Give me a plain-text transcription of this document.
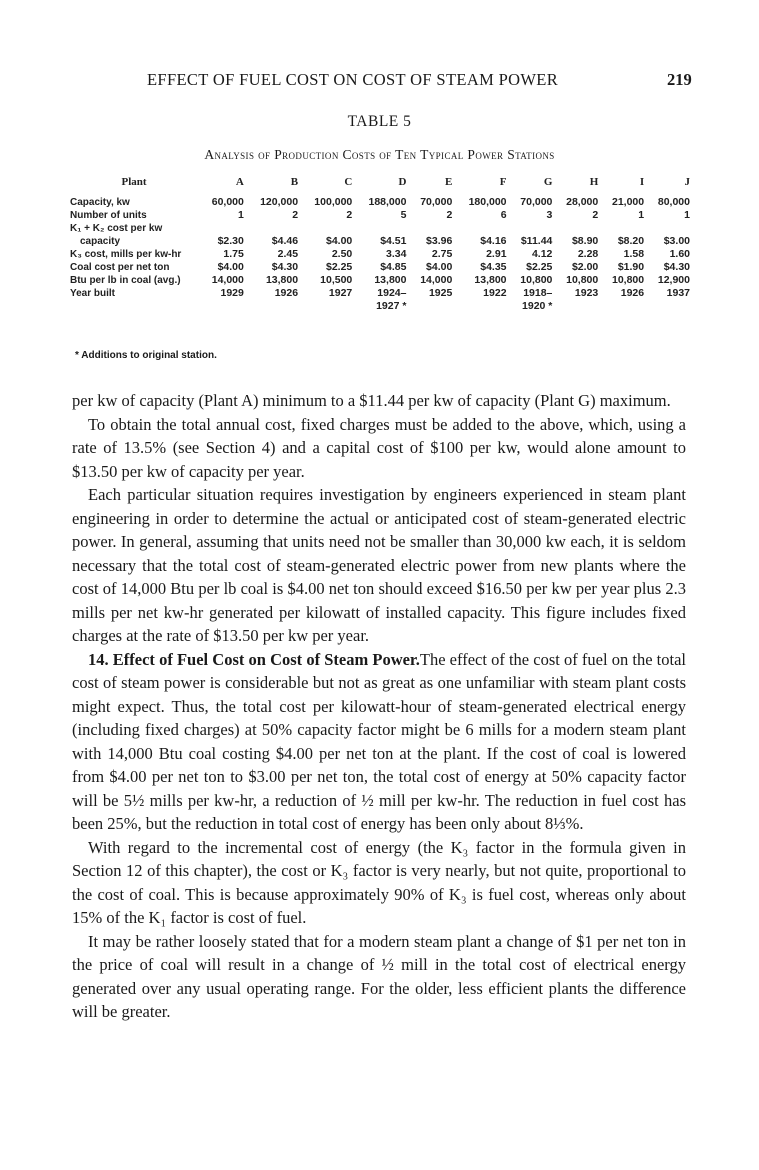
EFFECT OF FUEL COST ON COST OF STEAM POWER	219
TABLE 5
Analysis of Production Costs of Ten Typical Power Stations
Plant	A	B	C	D	E	F	G	H	I	J
Capacity, kw	60,000	120,000	100,000	188,000	70,000	180,000	70,000	28,000	21,000	80,000
Number of units	1	2	2	5	2	6	3	2	1	1
K₁ + K₂ cost per kw										
capacity	$2.30	$4.46	$4.00	$4.51	$3.96	$4.16	$11.44	$8.90	$8.20	$3.00
K₃ cost, mills per kw-hr	1.75	2.45	2.50	3.34	2.75	2.91	4.12	2.28	1.58	1.60
Coal cost per net ton	$4.00	$4.30	$2.25	$4.85	$4.00	$4.35	$2.25	$2.00	$1.90	$4.30
Btu per lb in coal (avg.)	14,000	13,800	10,500	13,800	14,000	13,800	10,800	10,800	10,800	12,900
Year built	1929	1926	1927	1924–	1925	1922	1918–	1923	1926	1937
				1927 *			1920 *			
* Additions to original station.

per kw of capacity (Plant A) minimum to a $11.44 per kw of capacity (Plant G) maximum.

To obtain the total annual cost, fixed charges must be added to the above, which, using a rate of 13.5% (see Section 4) and a capital cost of $100 per kw, would alone amount to $13.50 per kw of capacity per year.

Each particular situation requires investigation by engineers experienced in steam plant engineering in order to determine the actual or anticipated cost of steam-generated electric power. In general, assuming that units need not be smaller than 30,000 kw each, it is seldom necessary that the total cost of steam-generated electric power from new plants where the cost of 14,000 Btu per lb coal is $4.00 net ton should exceed $16.50 per kw per year plus 2.3 mills per net kw-hr generated per kilowatt of installed capacity. This figure includes fixed charges at the rate of $13.50 per kw per year.

14. Effect of Fuel Cost on Cost of Steam Power.The effect of the cost of fuel on the total cost of steam power is considerable but not as great as one unfamiliar with steam plant costs might expect. Thus, the total cost per kilowatt-hour of steam-generated electrical energy (including fixed charges) at 50% capacity factor might be 6 mills for a modern steam plant with 14,000 Btu coal costing $4.00 per net ton at the plant. If the cost of coal is lowered from $4.00 per net ton to $3.00 per net ton, the total cost of energy at 50% capacity factor will be 5½ mills per kw-hr, a reduction of ½ mill per kw-hr. The reduction in fuel cost has been 25%, but the reduction in total cost of energy has been only about 8⅓%.

With regard to the incremental cost of energy (the K₃ factor in the formula given in Section 12 of this chapter), the cost or K₃ factor is very nearly, but not quite, proportional to the cost of coal. This is because approximately 90% of K₃ is fuel cost, whereas only about 15% of the K₁ factor is cost of fuel.

It may be rather loosely stated that for a modern steam plant a change of $1 per net ton in the price of coal will result in a change of ½ mill in the total cost of electrical energy generated over any usual operating range. For the older, less efficient plants the difference will be greater.
